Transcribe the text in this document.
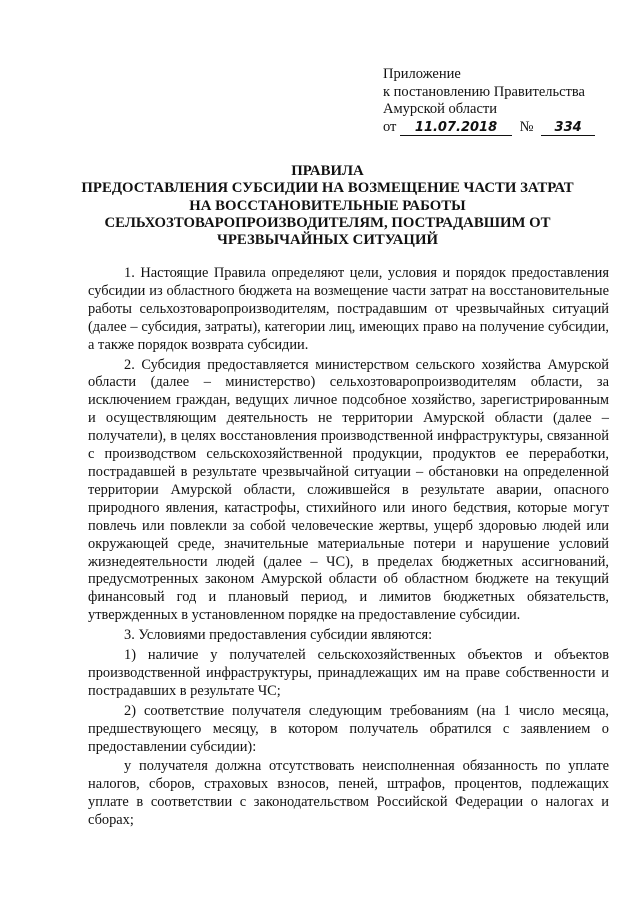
Приложение
к постановлению Правительства
Амурской области
от 11.07.2018 № 334
ПРАВИЛА
ПРЕДОСТАВЛЕНИЯ СУБСИДИИ НА ВОЗМЕЩЕНИЕ ЧАСТИ ЗАТРАТ
НА ВОССТАНОВИТЕЛЬНЫЕ РАБОТЫ
СЕЛЬХОЗТОВАРОПРОИЗВОДИТЕЛЯМ, ПОСТРАДАВШИМ ОТ
ЧРЕЗВЫЧАЙНЫХ СИТУАЦИЙ

1. Настоящие Правила определяют цели, условия и порядок предоставления субсидии из областного бюджета на возмещение части затрат на восстановительные работы сельхозтоваропроизводителям, пострадавшим от чрезвычайных ситуаций (далее – субсидия, затраты), категории лиц, имеющих право на получение субсидии, а также порядок возврата субсидии.

2. Субсидия предоставляется министерством сельского хозяйства Амурской области (далее – министерство) сельхозтоваропроизводителям области, за исключением граждан, ведущих личное подсобное хозяйство, зарегистрированным и осуществляющим деятельность не территории Амурской области (далее – получатели), в целях восстановления производственной инфраструктуры, связанной с производством сельскохозяйственной продукции, продуктов ее переработки, пострадавшей в результате чрезвычайной ситуации – обстановки на определенной территории Амурской области, сложившейся в результате аварии, опасного природного явления, катастрофы, стихийного или иного бедствия, которые могут повлечь или повлекли за собой человеческие жертвы, ущерб здоровью людей или окружающей среде, значительные материальные потери и нарушение условий жизнедеятельности людей (далее – ЧС), в пределах бюджетных ассигнований, предусмотренных законом Амурской области об областном бюджете на текущий финансовый год и плановый период, и лимитов бюджетных обязательств, утвержденных в установленном порядке на предоставление субсидии.

3. Условиями предоставления субсидии являются:

1) наличие у получателей сельскохозяйственных объектов и объектов производственной инфраструктуры, принадлежащих им на праве собственности и пострадавших в результате ЧС;

2) соответствие получателя следующим требованиям (на 1 число месяца, предшествующего месяцу, в котором получатель обратился с заявлением о предоставлении субсидии):

у получателя должна отсутствовать неисполненная обязанность по уплате налогов, сборов, страховых взносов, пеней, штрафов, процентов, подлежащих уплате в соответствии с законодательством Российской Федерации о налогах и сборах;
